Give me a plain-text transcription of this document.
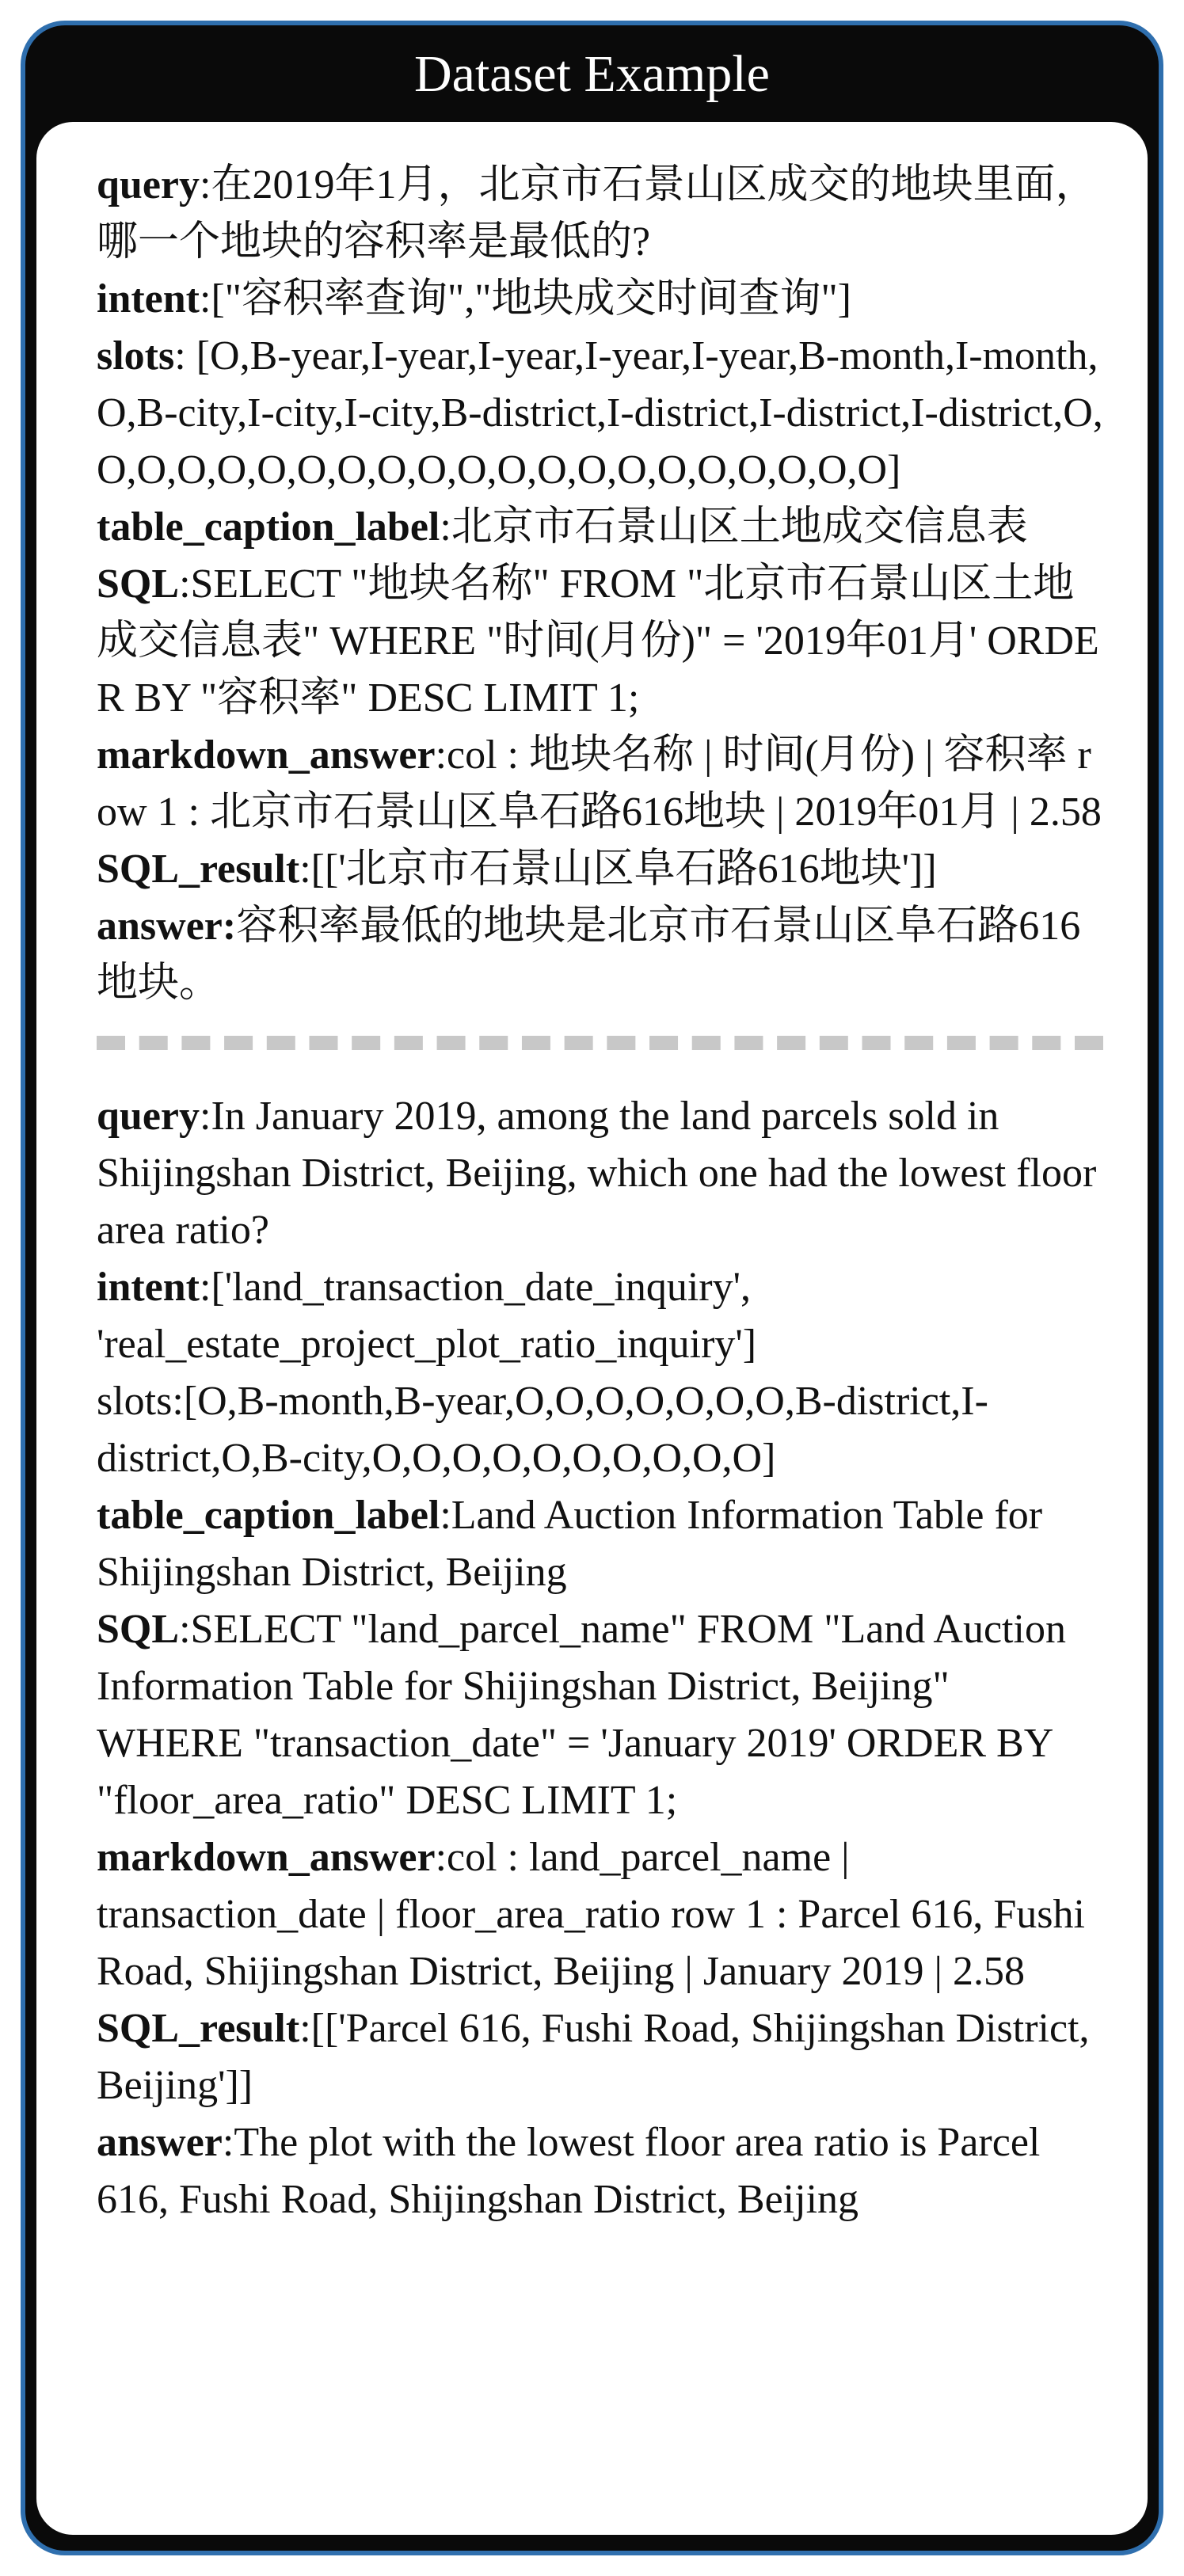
Dataset Example

query:在2019年1月，北京市石景山区成交的地块里面，哪一个地块的容积率是最低的?

intent:["容积率查询","地块成交时间查询"]

slots: [O,B-year,I-year,I-year,I-year,I-year,B-month,I-month,O,B-city,I-city,I-city,B-district,I-district,I-district,I-district,O,O,O,O,O,O,O,O,O,O,O,O,O,O,O,O,O,O,O,O,O]

table_caption_label:北京市石景山区土地成交信息表

SQL:SELECT "地块名称" FROM "北京市石景山区土地成交信息表" WHERE "时间(月份)" = '2019年01月' ORDER BY "容积率" DESC LIMIT 1;

markdown_answer:col : 地块名称 | 时间(月份) | 容积率 row 1 : 北京市石景山区阜石路616地块 | 2019年01月 | 2.58

SQL_result:[['北京市石景山区阜石路616地块']]

answer:容积率最低的地块是北京市石景山区阜石路616地块。

query:In January 2019, among the land parcels sold in Shijingshan District, Beijing, which one had the lowest floor area ratio?

intent:['land_transaction_date_inquiry', 'real_estate_project_plot_ratio_inquiry']

slots:[O,B-month,B-year,O,O,O,O,O,O,O,B-district,I-district,O,B-city,O,O,O,O,O,O,O,O,O,O]

table_caption_label:Land Auction Information Table for Shijingshan District, Beijing

SQL:SELECT "land_parcel_name" FROM "Land Auction Information Table for Shijingshan District, Beijing" WHERE "transaction_date" = 'January 2019' ORDER BY "floor_area_ratio" DESC LIMIT 1;

markdown_answer:col : land_parcel_name | transaction_date | floor_area_ratio row 1 : Parcel 616, Fushi Road, Shijingshan District, Beijing | January 2019 | 2.58

SQL_result:[['Parcel 616, Fushi Road, Shijingshan District, Beijing']]

answer:The plot with the lowest floor area ratio is Parcel 616, Fushi Road, Shijingshan District, Beijing
